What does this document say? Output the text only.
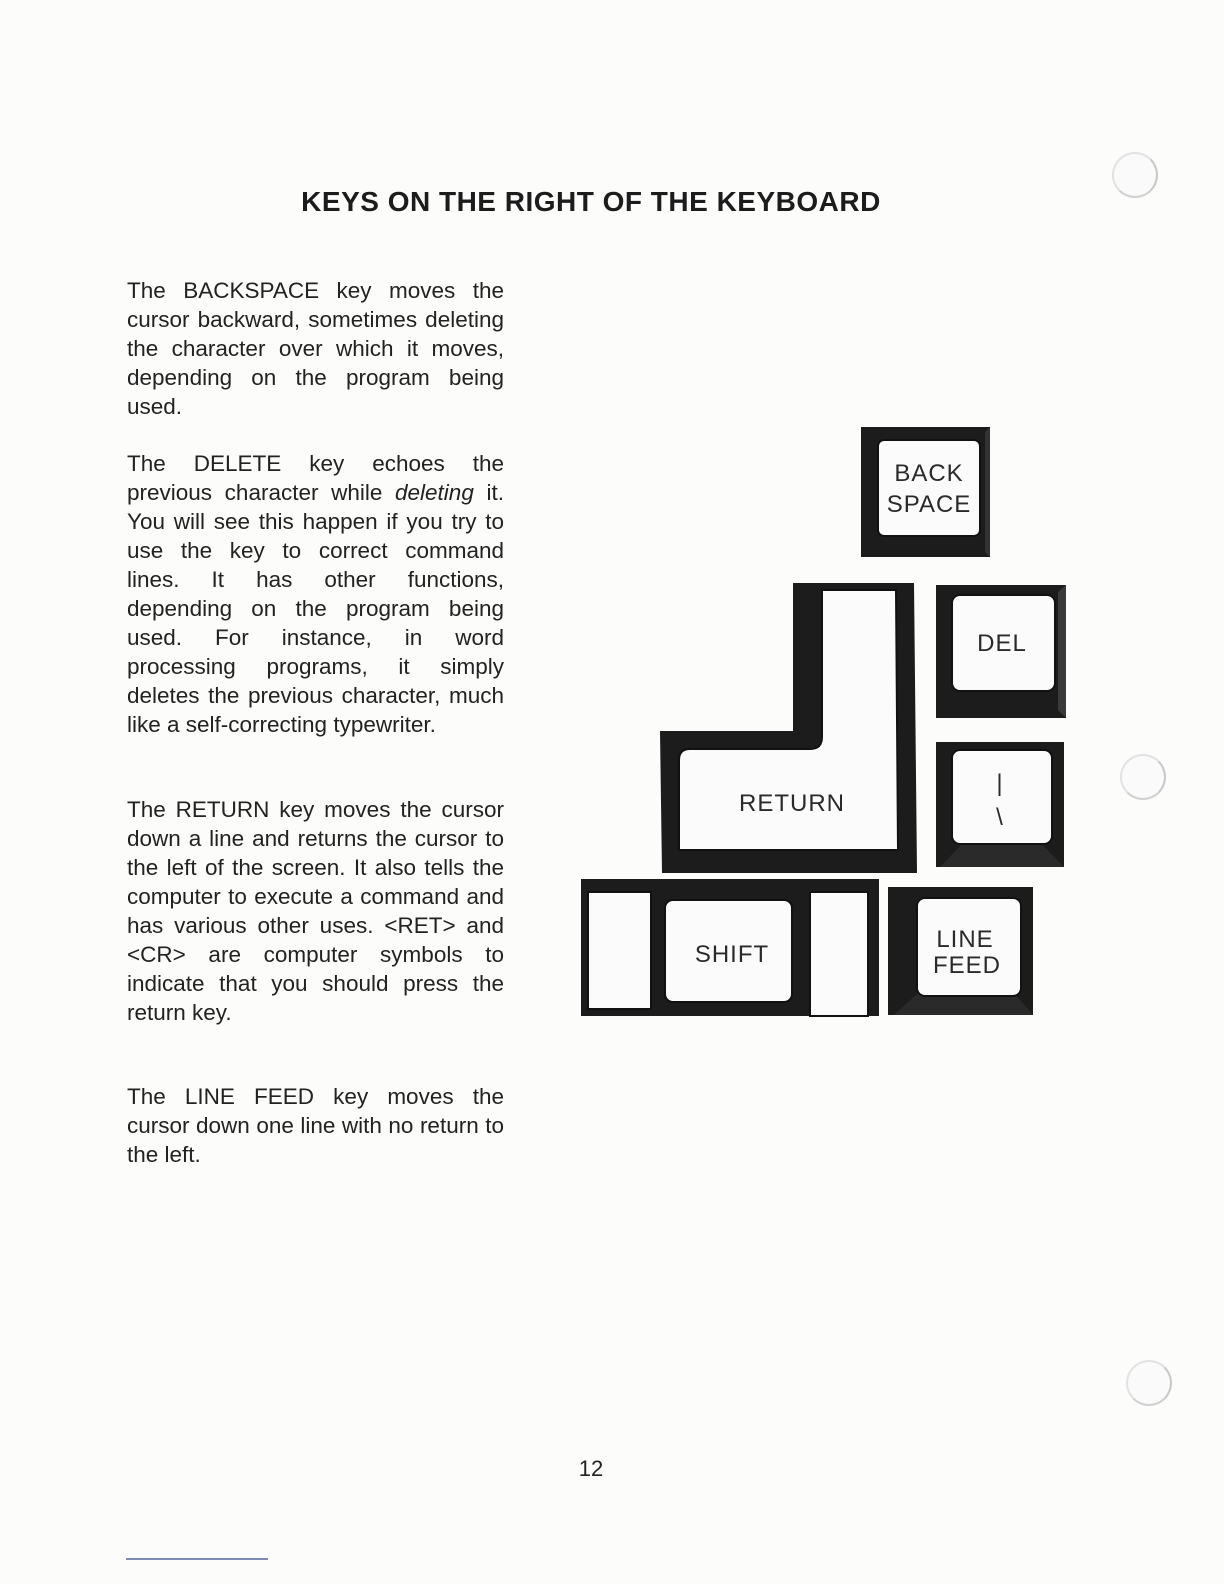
KEYS ON THE RIGHT OF THE KEYBOARD

The BACKSPACE key moves the cursor backward, sometimes deleting the character over which it moves, depending on the program being used.

The DELETE key echoes the previous character while deleting it. You will see this happen if you try to use the key to correct command lines. It has other functions, depending on the program being used. For instance, in word processing programs, it simply deletes the previous character, much like a self-correcting typewriter.

The RETURN key moves the cursor down a line and returns the cursor to the left of the screen. It also tells the computer to execute a command and has various other uses. <RET> and <CR> are computer symbols to indicate that you should press the return key.

The LINE FEED key moves the cursor down one line with no return to the left.

BACK
SPACE
DEL
|
\
RETURN
SHIFT
LINE
FEED
12
